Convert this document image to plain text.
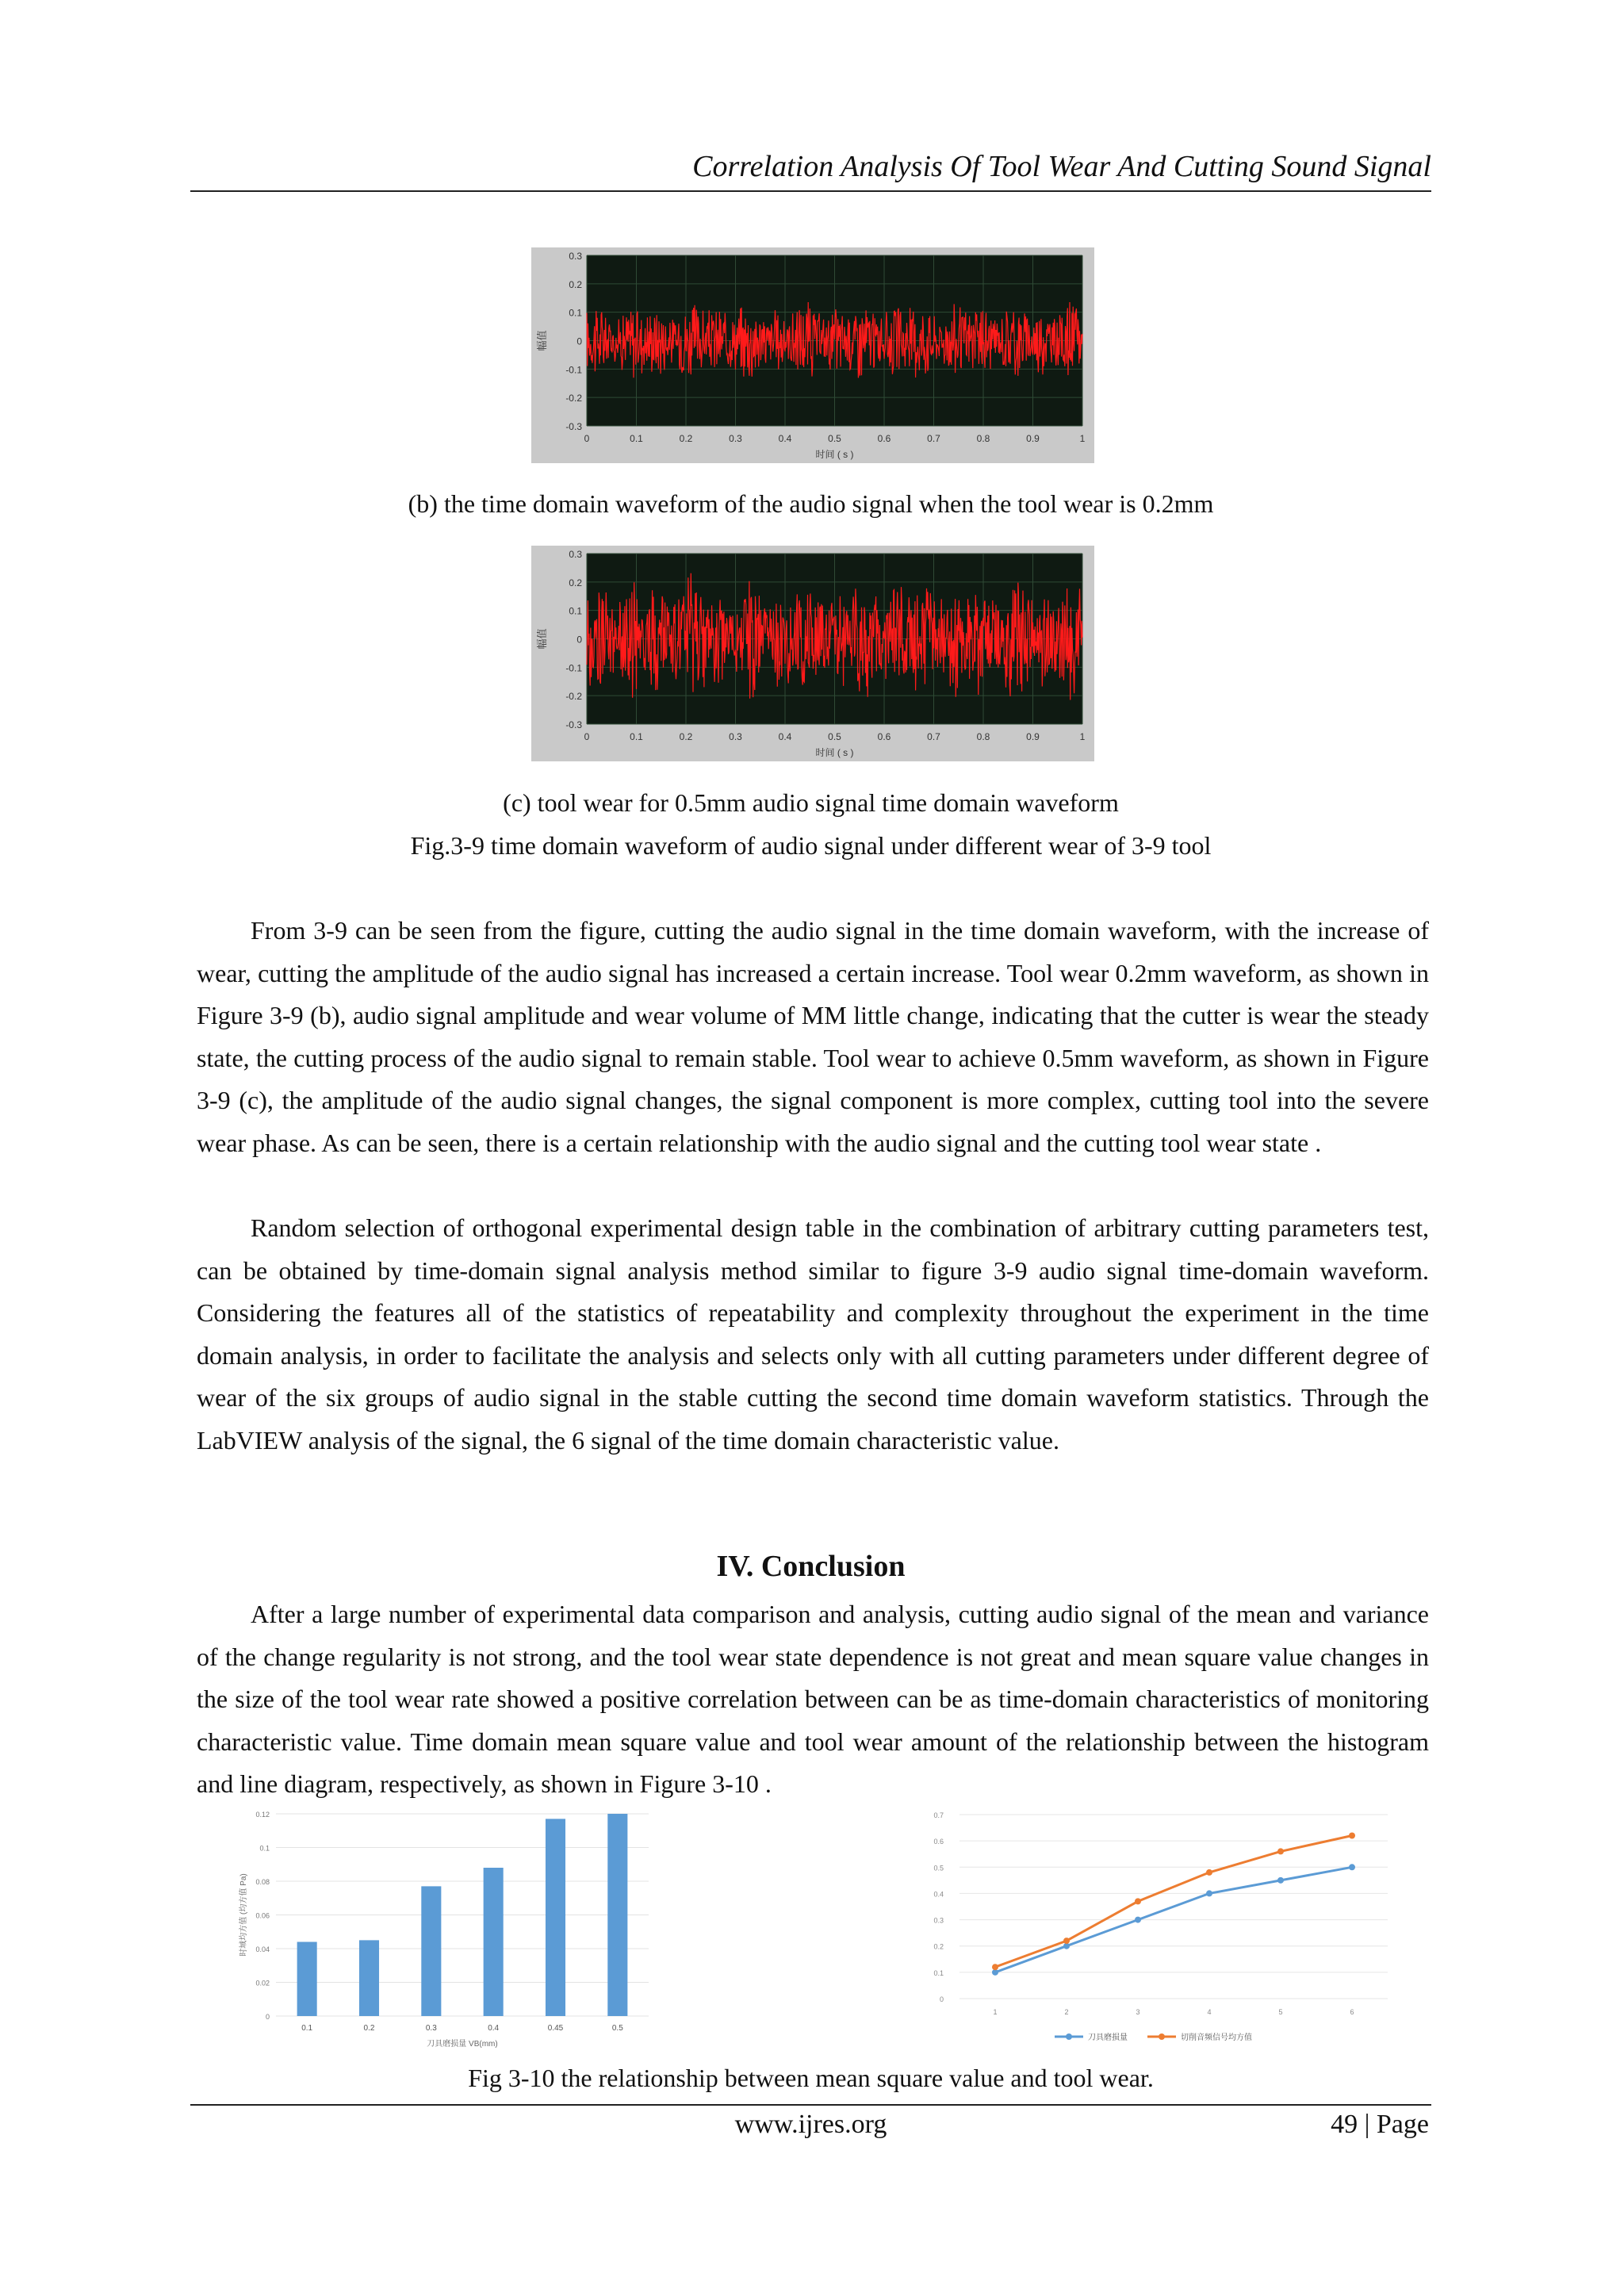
Correlation Analysis Of Tool Wear And Cutting Sound Signal
0.3
0.2
0.1
0
-0.1
-0.2
-0.3
0	0.1	0.2	0.3	0.4	0.5	0.6	0.7	0.8	0.9	1
时间 ( s )
幅值
(b) the time domain waveform of the audio signal when the tool wear is 0.2mm
0.3
0.2
0.1
0
-0.1
-0.2
-0.3
0	0.1	0.2	0.3	0.4	0.5	0.6	0.7	0.8	0.9	1
时间 ( s )
幅值
(c) tool wear for 0.5mm audio signal time domain waveform
Fig.3-9 time domain waveform of audio signal under different wear of 3-9 tool
From 3-9 can be seen from the figure, cutting the audio signal in the time domain waveform, with the increase of wear, cutting the amplitude of the audio signal has increased a certain increase. Tool wear 0.2mm waveform, as shown in Figure 3-9 (b), audio signal amplitude and wear volume of MM little change, indicating that the cutter is wear the steady state, the cutting process of the audio signal to remain stable. Tool wear to achieve 0.5mm waveform, as shown in Figure 3-9 (c), the amplitude of the audio signal changes, the signal component is more complex, cutting tool into the severe wear phase. As can be seen, there is a certain relationship with the audio signal and the cutting tool wear state .
Random selection of orthogonal experimental design table in the combination of arbitrary cutting parameters test, can be obtained by time-domain signal analysis method similar to figure 3-9 audio signal time-domain waveform. Considering the features all of the statistics of repeatability and complexity throughout the experiment in the time domain analysis, in order to facilitate the analysis and selects only with all cutting parameters under different degree of wear of the six groups of audio signal in the stable cutting the second time domain waveform statistics. Through the LabVIEW analysis of the signal, the 6 signal of the time domain characteristic value.
IV. Conclusion
After a large number of experimental data comparison and analysis, cutting audio signal of the mean and variance of the change regularity is not strong, and the tool wear state dependence is not great and mean square value changes in the size of the tool wear rate showed a positive correlation between can be as time-domain characteristics of monitoring characteristic value. Time domain mean square value and tool wear amount of the relationship between the histogram and line diagram, respectively, as shown in Figure 3-10 .
0
0.02
0.04
0.06
0.08
0.1
0.12
0.1	0.2	0.3	0.4	0.45	0.5
刀具磨损量 VB(mm)
时域均方值 (均方值 Pa)
0
0.1
0.2
0.3
0.4
0.5
0.6
0.7
1	2	3	4	5	6
刀具磨损量	切削音频信号均方值
Fig 3-10 the relationship between mean square value and tool wear.
www.ijres.org	49 | Page
